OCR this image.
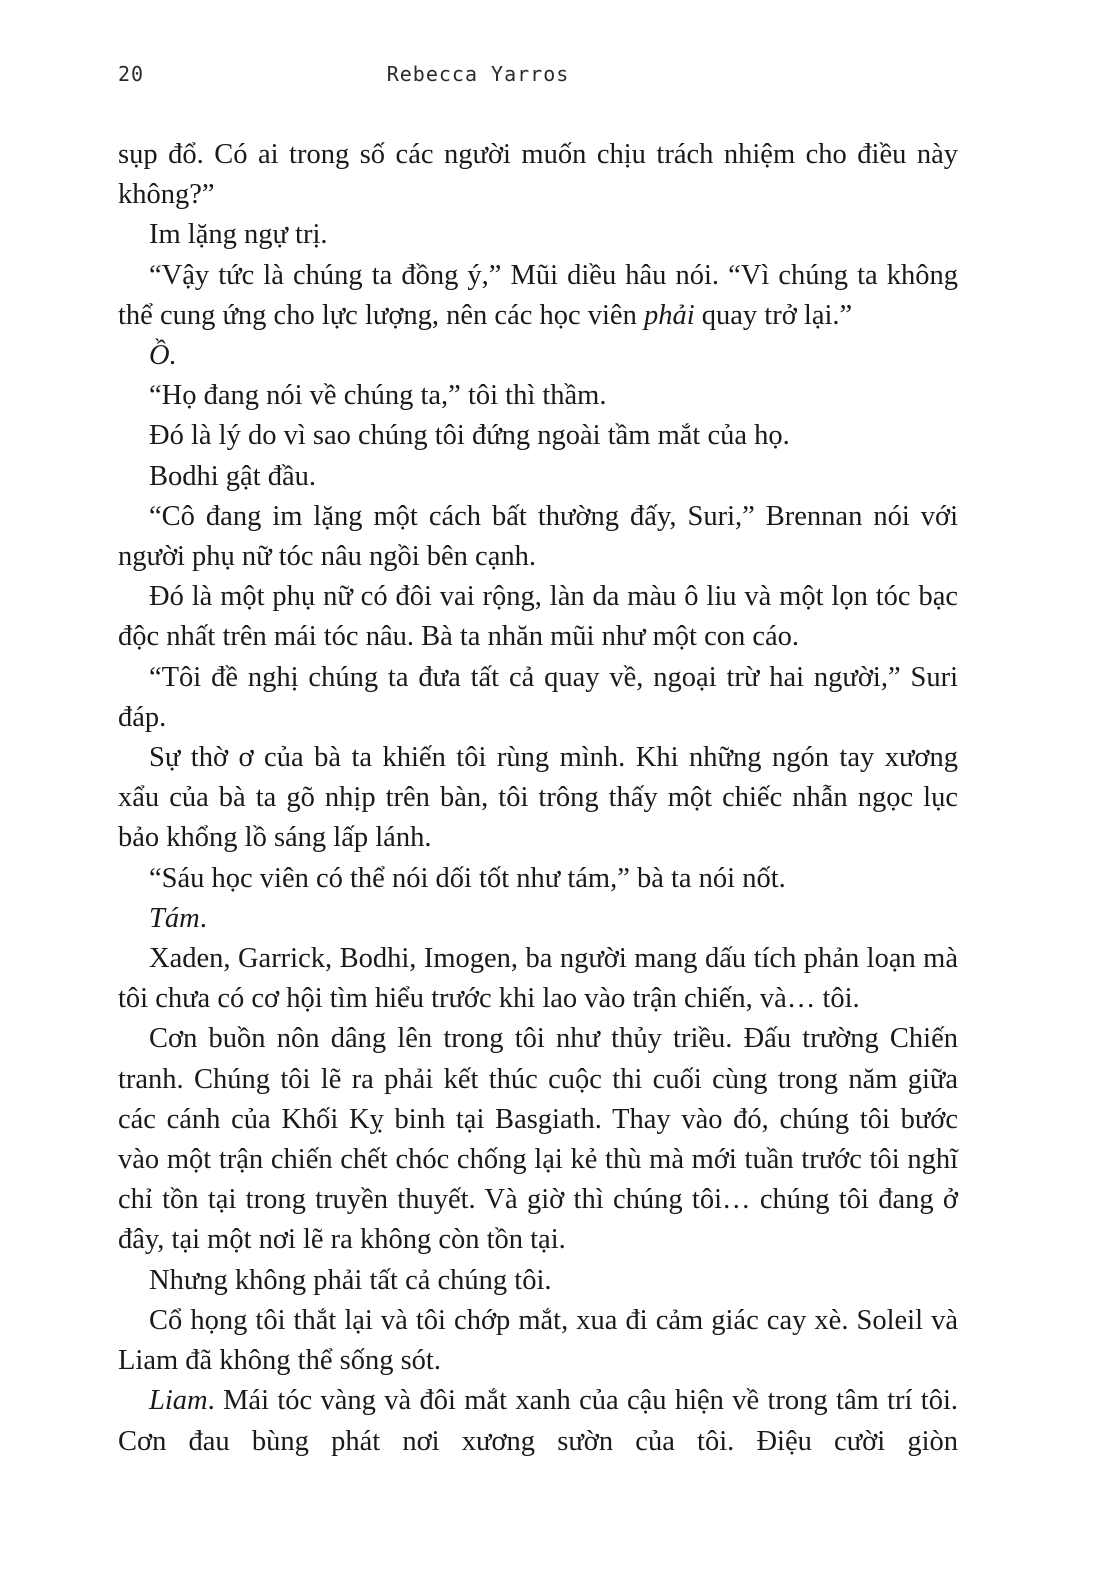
20	Rebecca Yarros

sụp đổ. Có ai trong số các người muốn chịu trách nhiệm cho điều này không?”

Im lặng ngự trị.

“Vậy tức là chúng ta đồng ý,” Mũi diều hâu nói. “Vì chúng ta không thể cung ứng cho lực lượng, nên các học viên phải quay trở lại.”

Ồ.

“Họ đang nói về chúng ta,” tôi thì thầm.

Đó là lý do vì sao chúng tôi đứng ngoài tầm mắt của họ.

Bodhi gật đầu.

“Cô đang im lặng một cách bất thường đấy, Suri,” Brennan nói với người phụ nữ tóc nâu ngồi bên cạnh.

Đó là một phụ nữ có đôi vai rộng, làn da màu ô liu và một lọn tóc bạc độc nhất trên mái tóc nâu. Bà ta nhăn mũi như một con cáo.

“Tôi đề nghị chúng ta đưa tất cả quay về, ngoại trừ hai người,” Suri đáp.

Sự thờ ơ của bà ta khiến tôi rùng mình. Khi những ngón tay xương xẩu của bà ta gõ nhịp trên bàn, tôi trông thấy một chiếc nhẫn ngọc lục bảo khổng lồ sáng lấp lánh.

“Sáu học viên có thể nói dối tốt như tám,” bà ta nói nốt.

Tám.

Xaden, Garrick, Bodhi, Imogen, ba người mang dấu tích phản loạn mà tôi chưa có cơ hội tìm hiểu trước khi lao vào trận chiến, và… tôi.

Cơn buồn nôn dâng lên trong tôi như thủy triều. Đấu trường Chiến tranh. Chúng tôi lẽ ra phải kết thúc cuộc thi cuối cùng trong năm giữa các cánh của Khối Kỵ binh tại Basgiath. Thay vào đó, chúng tôi bước vào một trận chiến chết chóc chống lại kẻ thù mà mới tuần trước tôi nghĩ chỉ tồn tại trong truyền thuyết. Và giờ thì chúng tôi… chúng tôi đang ở đây, tại một nơi lẽ ra không còn tồn tại.

Nhưng không phải tất cả chúng tôi.

Cổ họng tôi thắt lại và tôi chớp mắt, xua đi cảm giác cay xè. Soleil và Liam đã không thể sống sót.

Liam. Mái tóc vàng và đôi mắt xanh của cậu hiện về trong tâm trí tôi. Cơn đau bùng phát nơi xương sườn của tôi. Điệu cười giòn
